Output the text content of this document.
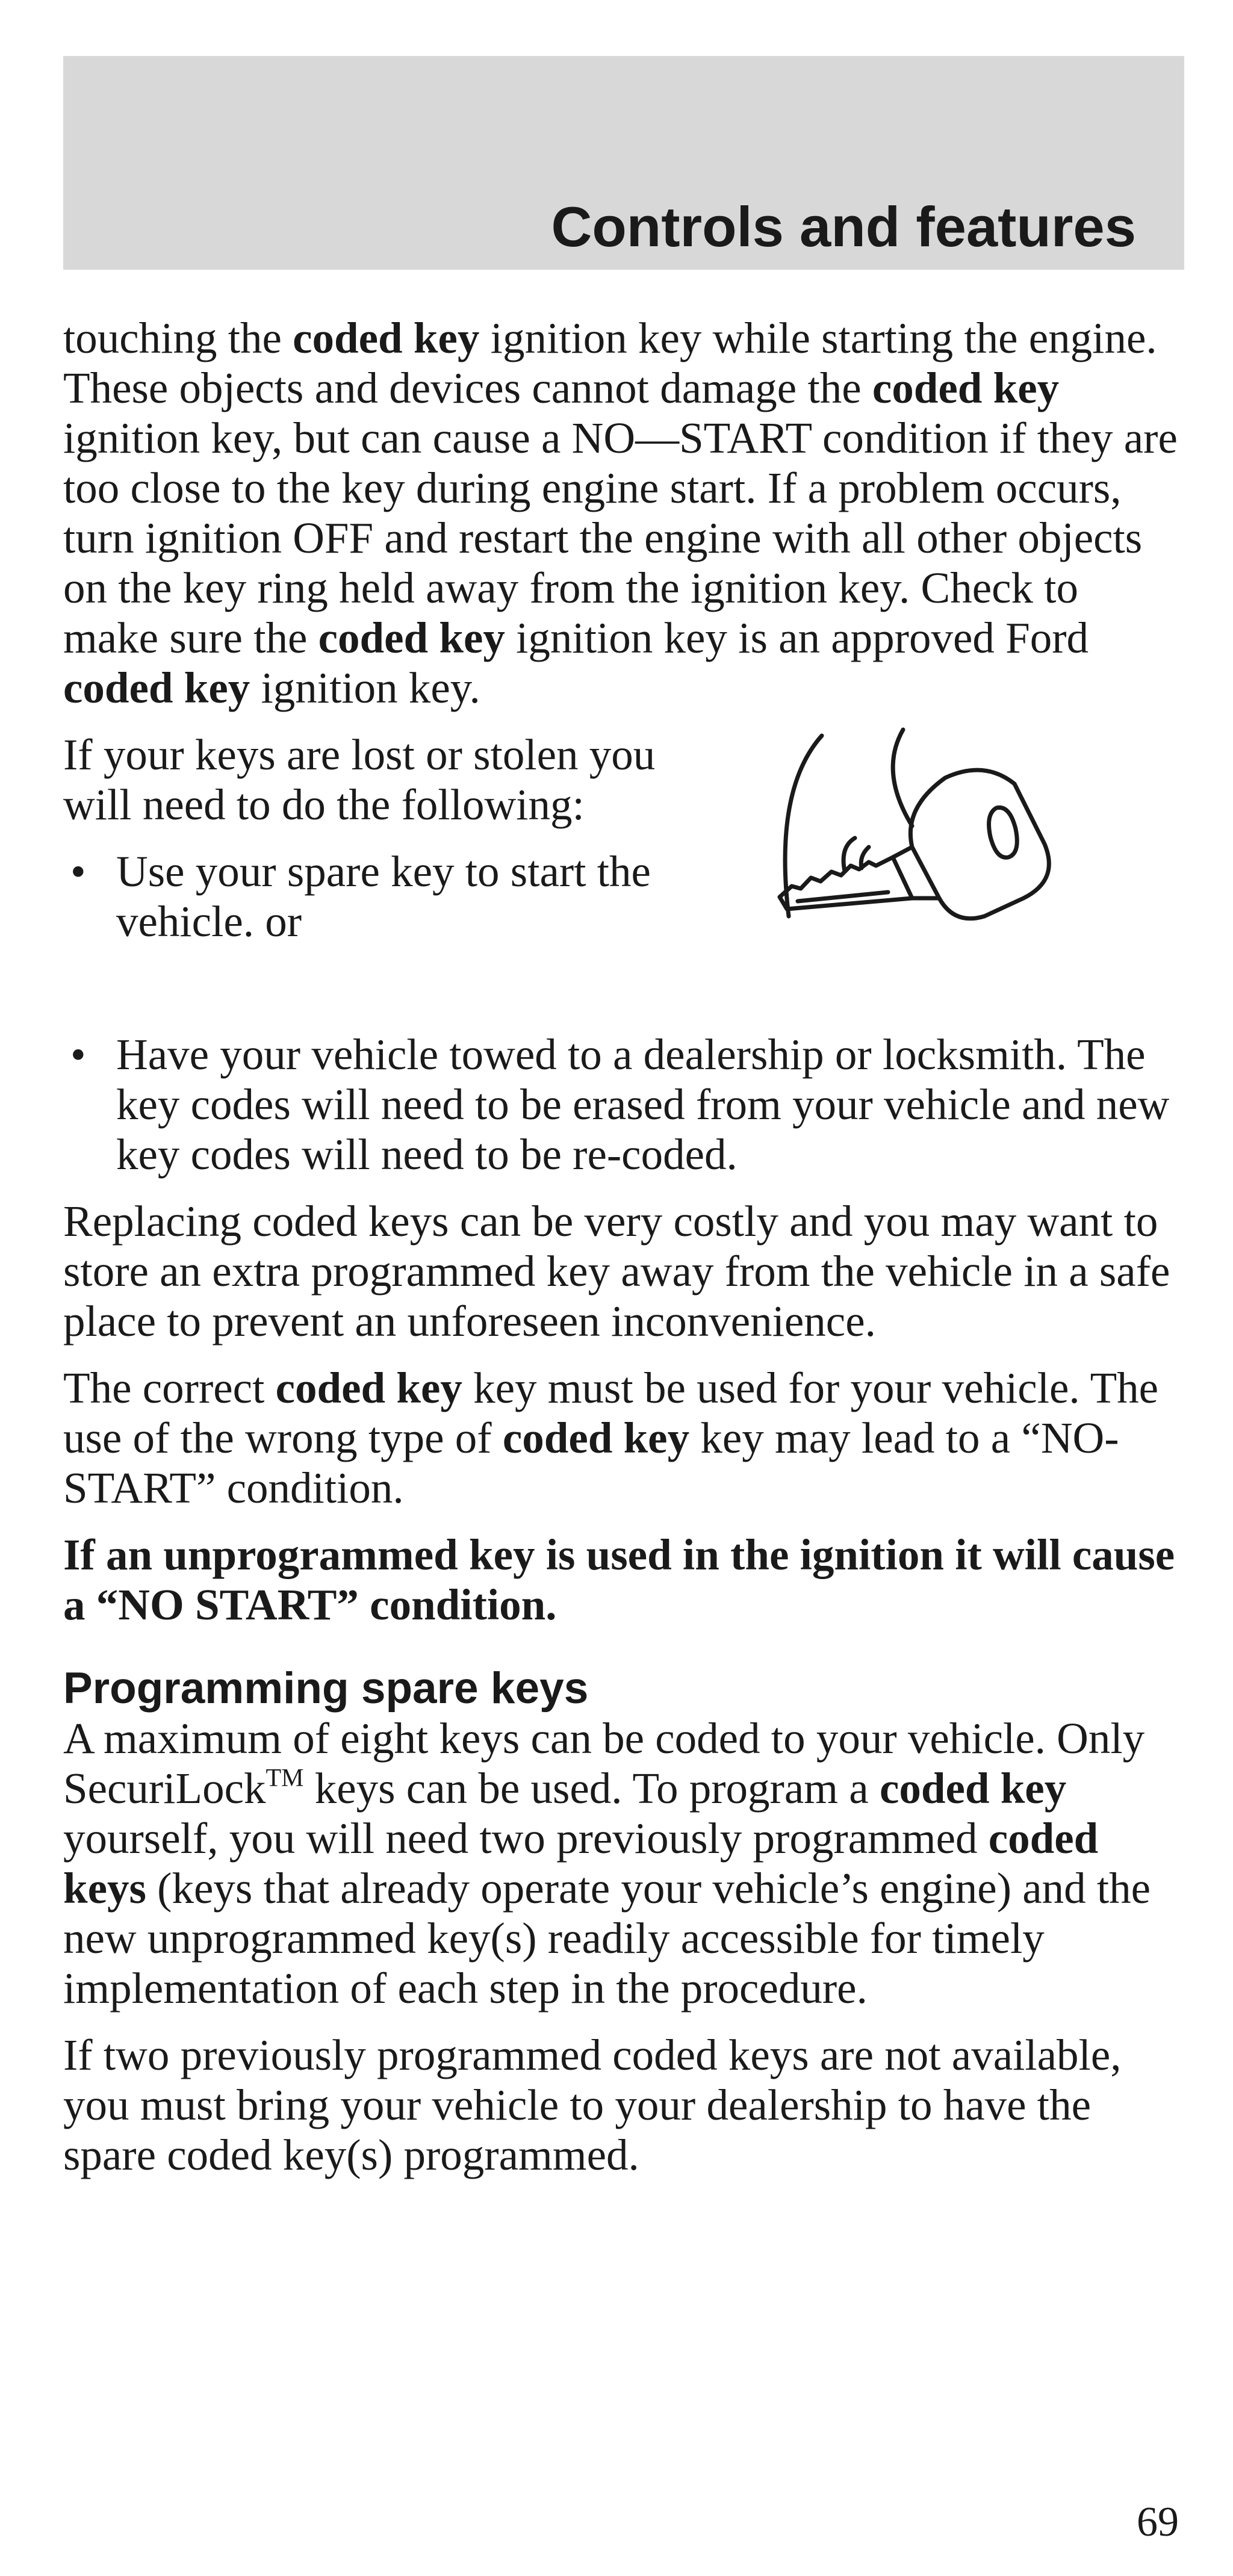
Controls and features

touching the coded key ignition key while starting the engine. These objects and devices cannot damage the coded key ignition key, but can cause a NO—START condition if they are too close to the key during engine start. If a problem occurs, turn ignition OFF and restart the engine with all other objects on the key ring held away from the ignition key. Check to make sure the coded key ignition key is an approved Ford coded key ignition key.

If your keys are lost or stolen you will need to do the following:

• Use your spare key to start the vehicle. or
• Have your vehicle towed to a dealership or locksmith. The key codes will need to be erased from your vehicle and new key codes will need to be re-coded.

Replacing coded keys can be very costly and you may want to store an extra programmed key away from the vehicle in a safe place to prevent an unforeseen inconvenience.

The correct coded key key must be used for your vehicle. The use of the wrong type of coded key key may lead to a “NO-START” condition.

If an unprogrammed key is used in the ignition it will cause a “NO START” condition.

Programming spare keys

A maximum of eight keys can be coded to your vehicle. Only SecuriLock™ keys can be used. To program a coded key yourself, you will need two previously programmed coded keys (keys that already operate your vehicle’s engine) and the new unprogrammed key(s) readily accessible for timely implementation of each step in the procedure.

If two previously programmed coded keys are not available, you must bring your vehicle to your dealership to have the spare coded key(s) programmed.

69
